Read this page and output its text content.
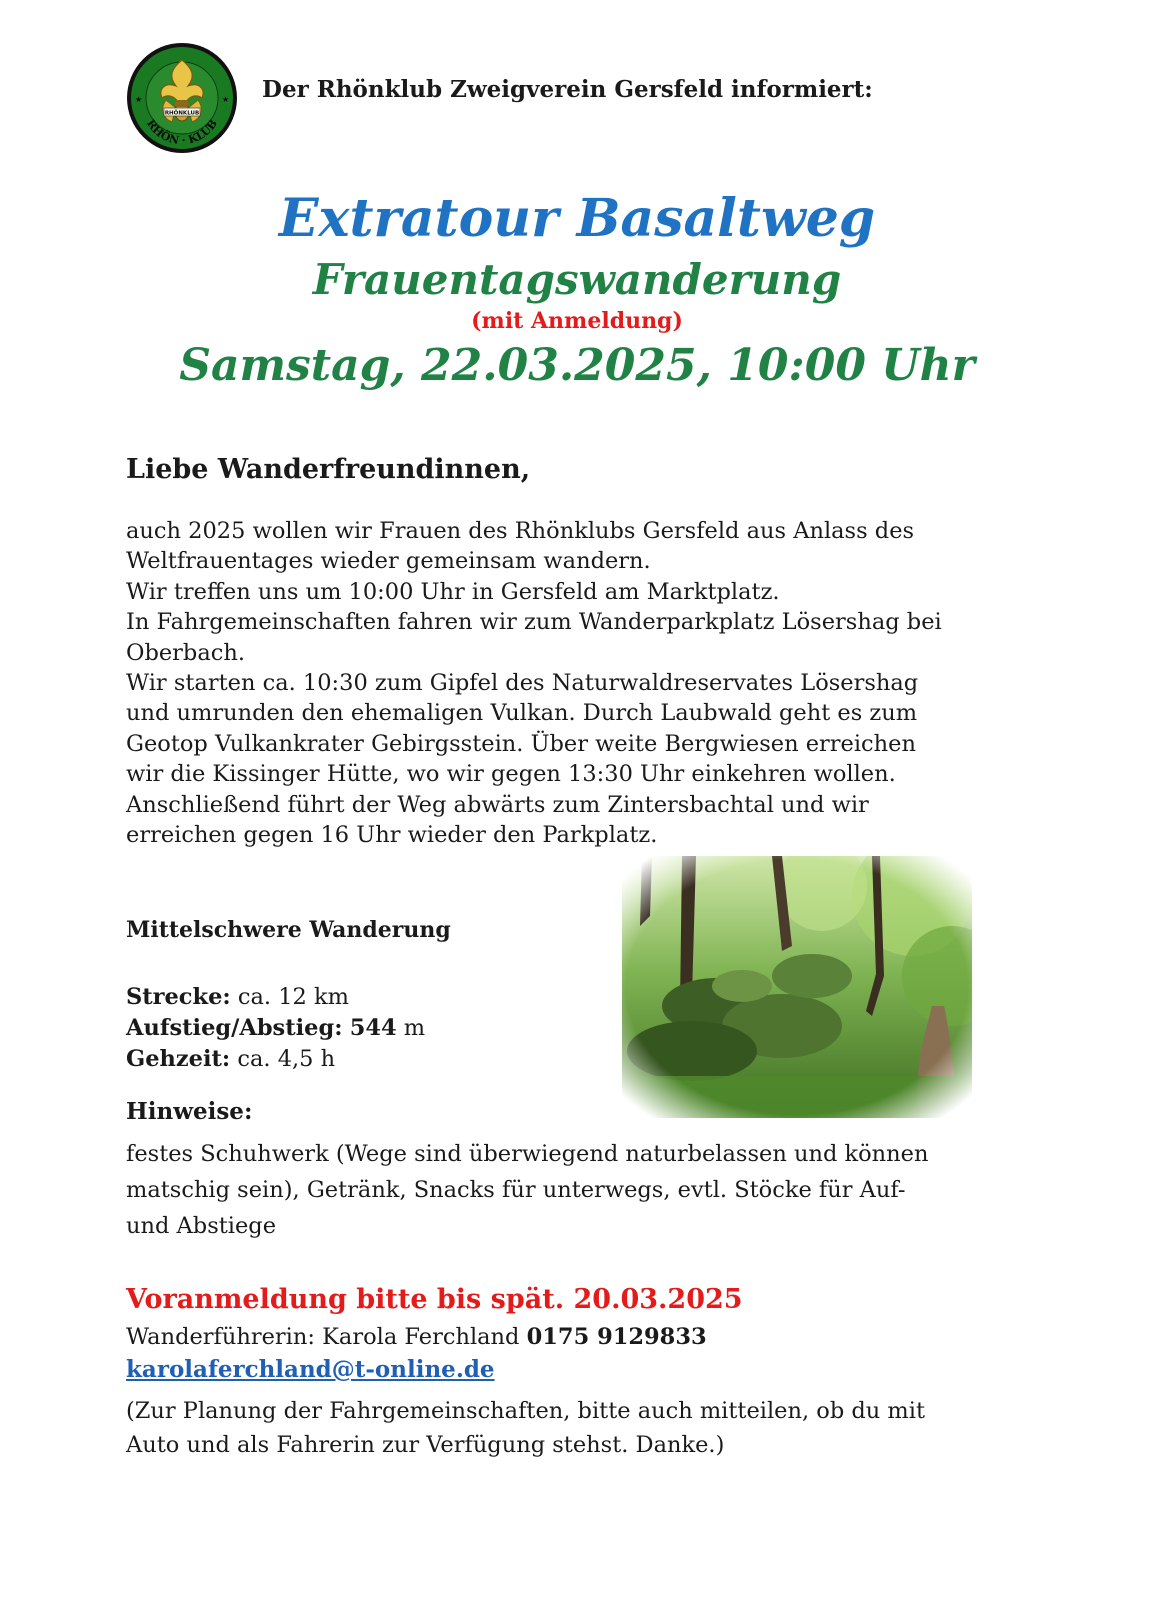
RHÖNKLUB
RHÖN · KLUB
★	★ Der Rhönklub Zweigverein Gersfeld informiert:
Extratour Basaltweg
Frauentagswanderung
(mit Anmeldung)
Samstag, 22.03.2025, 10:00 Uhr
Liebe Wanderfreundinnen,
auch 2025 wollen wir Frauen des Rhönklubs Gersfeld aus Anlass des
Weltfrauentages wieder gemeinsam wandern.
Wir treffen uns um 10:00 Uhr in Gersfeld am Marktplatz.
In Fahrgemeinschaften fahren wir zum Wanderparkplatz Lösershag bei
Oberbach.
Wir starten ca. 10:30 zum Gipfel des Naturwaldreservates Lösershag
und umrunden den ehemaligen Vulkan. Durch Laubwald geht es zum
Geotop Vulkankrater Gebirgsstein. Über weite Bergwiesen erreichen
wir die Kissinger Hütte, wo wir gegen 13:30 Uhr einkehren wollen.
Anschließend führt der Weg abwärts zum Zintersbachtal und wir
erreichen gegen 16 Uhr wieder den Parkplatz.
Mittelschwere Wanderung
Strecke: ca. 12 km
Aufstieg/Abstieg: 544 m
Gehzeit: ca. 4,5 h
Hinweise:
festes Schuhwerk (Wege sind überwiegend naturbelassen und können
matschig sein), Getränk, Snacks für unterwegs, evtl. Stöcke für Auf-
und Abstiege
Voranmeldung bitte bis spät. 20.03.2025
Wanderführerin: Karola Ferchland 0175 9129833
karolaferchland@t-online.de
(Zur Planung der Fahrgemeinschaften, bitte auch mitteilen, ob du mit
Auto und als Fahrerin zur Verfügung stehst. Danke.)
